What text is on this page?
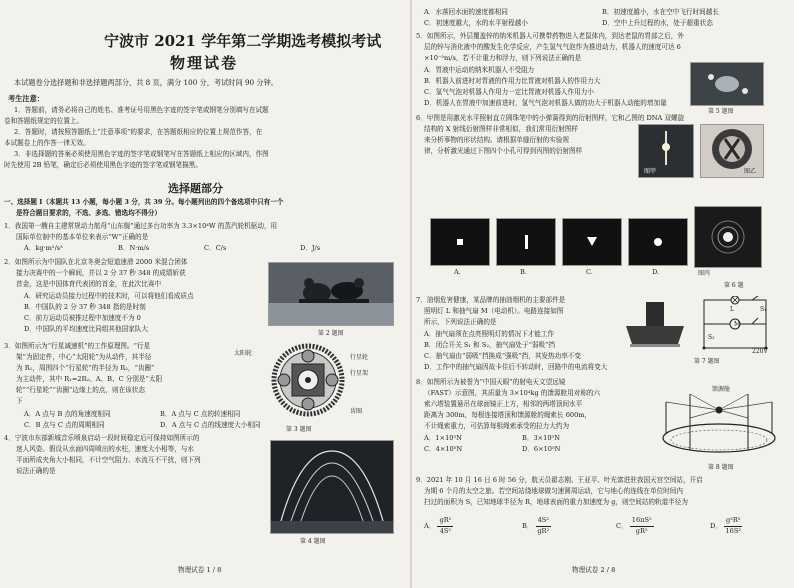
宁波市 2021 学年第二学期选考模拟考试
物理试卷
本试题卷分选择题和非选择题两部分，共 8 页，满分 100 分，考试时间 90 分钟。
考生注意：
1．答题前，请务必将自己的姓名、准考证号用黑色字迹的签字笔或钢笔分别填写在试题
卷和答题纸规定的位置上。
2．答题时，请按照答题纸上“注意事项”的要求，在答题纸相应的位置上规范作答，在
本试题卷上的作答一律无效。
3．非选择题的答案必须使用黑色字迹的签字笔或钢笔写在答题纸上相应的区域内，作图
时先使用 2B 铅笔，确定后必须使用黑色字迹的签字笔或钢笔描黑。
选择题部分
一、选择题 I（本题共 13 小题，每小题 3 分，共 39 分。每小题列出的四个备选项中只有一个
是符合题目要求的，不选、多选、错选均不得分）
1．我国第一艘自主建常规动力航母“山东舰”通过多台功率为 3.3×10⁴W 的蒸汽轮机驱动，用
国际单位制中的基本单位来表示“W”正确的是
A．kg·m²/s³	B．N·m/s	C．C/s	D．J/s
2．如图所示为中国队在北京冬奥会短道速滑 2000 米混合团体
接力决赛中的一个瞬间，并以 2 分 37 秒 348 的成绩斩获
首金，这是中国体育代表团的首金，在此次比赛中
A．研究运动员接力过程中的技术时，可以将他们看成质点
B．中国队的 2 分 37 秒 348 指的是时刻
C．前方运动员被推过程中加速度不为 0
D．中国队的平均速度比同组其他国家队大
第 2 题图
3．如图所示为“行星减速机”的工作原理图。“行星
架”为固定件，中心“太阳轮”为从动件，其半径
为 R₁，周围四个“行星轮”的半径为 R₂，“齿圈”
为主动件，其中 R₁=2R₂。A、B、C 分别是“太阳
轮”“行星轮”“齿圈”边缘上的点，则在该状态
下
A．A 点与 B 点的角速度相同	B．A 点与 C 点的转速相同
C．B 点与 C 点的周期相同	D．A 点与 C 点的线速度大小相同
太阳轮
行星轮
行星架
齿圈
第 3 题图
4．宁波市东部新城音乐喷泉启动一段时间稳定后可保持如图所示的
迷人风姿。假设从水面四周喷出的水柱，速度大小相等，与水
平面所成夹角大小相同，不计空气阻力、水流互不干扰，则下列
说法正确的是
第 4 题图
物理试卷 1 / 8
A．水落回水面的速度都相同	B．初速度越小，水在空中飞行时间越长
C．初速度越大，水的水平射程越小	D．空中上升过程的水，处于超重状态
5．如图所示，外层覆盖锌的纳米机器人可携带药物进入老鼠体内，到达老鼠的胃部之后，外
层的锌与消化液中的酸发生化学反应，产生氢气气泡作为推进动力，机器人的速度可达 6
×10⁻⁵m/s，若不计重力和浮力，则下列说法正确的是
A．胃液中运动的纳米机器人不受阻力
B．机器人前进时对胃液的作用力比胃液对机器人的作用力大
C．氢气气泡对机器人作用力一定比胃液对机器人作用力小
D．机器人在胃液中加速前进时，氢气气泡对机器人做的功大于机器人动能的增加量
第 5 题图
6．甲图是用激光水平照射直立圆珠笔中的小弹簧得到的衍射图样，它和乙图的 DNA 双螺旋
结构的 X 射线衍射图样非常相似，我们常用衍射图样
来分析事物的形状结构。请根据单缝衍射的实验规
律，分析激光通过下图四个小孔可得到丙图的衍射图样
图甲	图乙
A.	B.	C.	D.	图丙
第 6 题
7．油烟危害健康，某品牌的抽油烟机的主要部件是
照明灯 L 和抽气扇 M（电动机）。电路连接如图
所示，下列说法正确的是
A．抽气扇须在点亮照明灯的情况下才能工作
B．闭合开关 S₁ 和 S₂，抽气扇处于“弱吸”挡
C．抽气扇由“弱吸”挡换成“强吸”挡，其发热功率不变
D．工作中的抽气扇因故卡住后不转动时，回路中的电流将变大
L
M
S₁
S₂
220V
第 7 题图
8．如图所示为被誉为“中国天眼”的射电天文望远镜
（FAST）示意图，其质量为 3×10⁴kg 的馈源舱用对称的六
索六塔装置悬吊在球面镜正上方，相邻的两塔顶间水平
距离为 300m，每根连接塔顶和馈源舱的绳索长 600m，
不计绳索重力，可估算每根绳索承受的拉力大约为
A．1×10⁵N	B．3×10⁵N
C．4×10⁵N	D．6×10⁵N
馈源舱
第 8 题图
9．2021 年 10 月 16 日 6 时 56 分，航天员翟志刚、王亚平、叶光富进驻我国天宫空间站，开启
为期 6 个月的太空之旅。若空间站绕地球做匀速圆周运动，它与地心的连线在单位时间内
扫过的面积为 S，已知地球半径为 R，地球表面的重力加速度为 g，则空间站的轨道半径为
A． $\frac{\text{gR²}}{\text{4S²}}$	B． $\frac{\text{4S²}}{\text{gR²}}$	C． $\frac{\text{16πS²}}{\text{gR²}}$	D． $\frac{\text{g²R²}}{\text{16S²}}$
物理试卷 2 / 8
